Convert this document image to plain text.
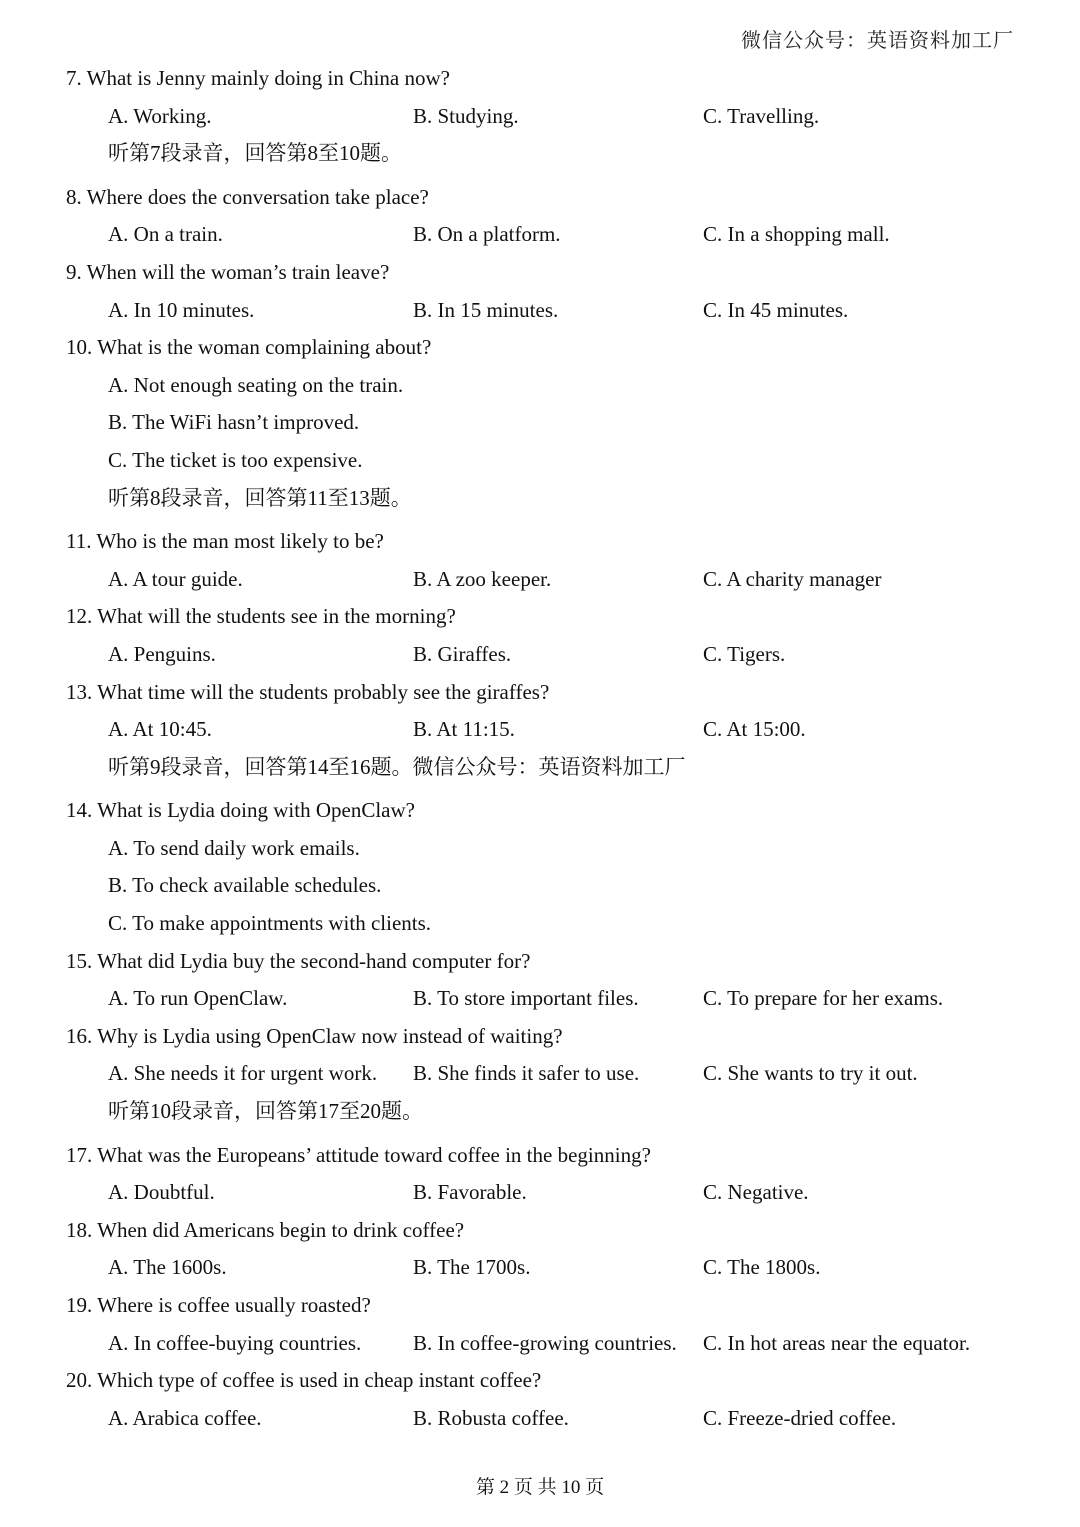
微信公众号：英语资料加工厂
7. What is Jenny mainly doing in China now?
A. Working.	B. Studying.	C. Travelling.
听第7段录音，回答第8至10题。
8. Where does the conversation take place?
A. On a train.	B. On a platform.	C. In a shopping mall.
9. When will the woman’s train leave?
A. In 10 minutes.	B. In 15 minutes.	C. In 45 minutes.
10. What is the woman complaining about?
A. Not enough seating on the train.
B. The WiFi hasn’t improved.
C. The ticket is too expensive.
听第8段录音，回答第11至13题。
11. Who is the man most likely to be?
A. A tour guide.	B. A zoo keeper.	C. A charity manager
12. What will the students see in the morning?
A. Penguins.	B. Giraffes.	C. Tigers.
13. What time will the students probably see the giraffes?
A. At 10:45.	B. At 11:15.	C. At 15:00.
听第9段录音，回答第14至16题。微信公众号：英语资料加工厂
14. What is Lydia doing with OpenClaw?
A. To send daily work emails.
B. To check available schedules.
C. To make appointments with clients.
15. What did Lydia buy the second-hand computer for?
A. To run OpenClaw.	B. To store important files.	C. To prepare for her exams.
16. Why is Lydia using OpenClaw now instead of waiting?
A. She needs it for urgent work. B. She finds it safer to use.	C. She wants to try it out.
听第10段录音，回答第17至20题。
17. What was the Europeans’ attitude toward coffee in the beginning?
A. Doubtful.	B. Favorable.	C. Negative.
18. When did Americans begin to drink coffee?
A. The 1600s.	B. The 1700s.	C. The 1800s.
19. Where is coffee usually roasted?
A. In coffee-buying countries. B. In coffee-growing countries. C. In hot areas near the equator.
20. Which type of coffee is used in cheap instant coffee?
A. Arabica coffee.	B. Robusta coffee.	C. Freeze-dried coffee.
第 2 页 共 10 页
